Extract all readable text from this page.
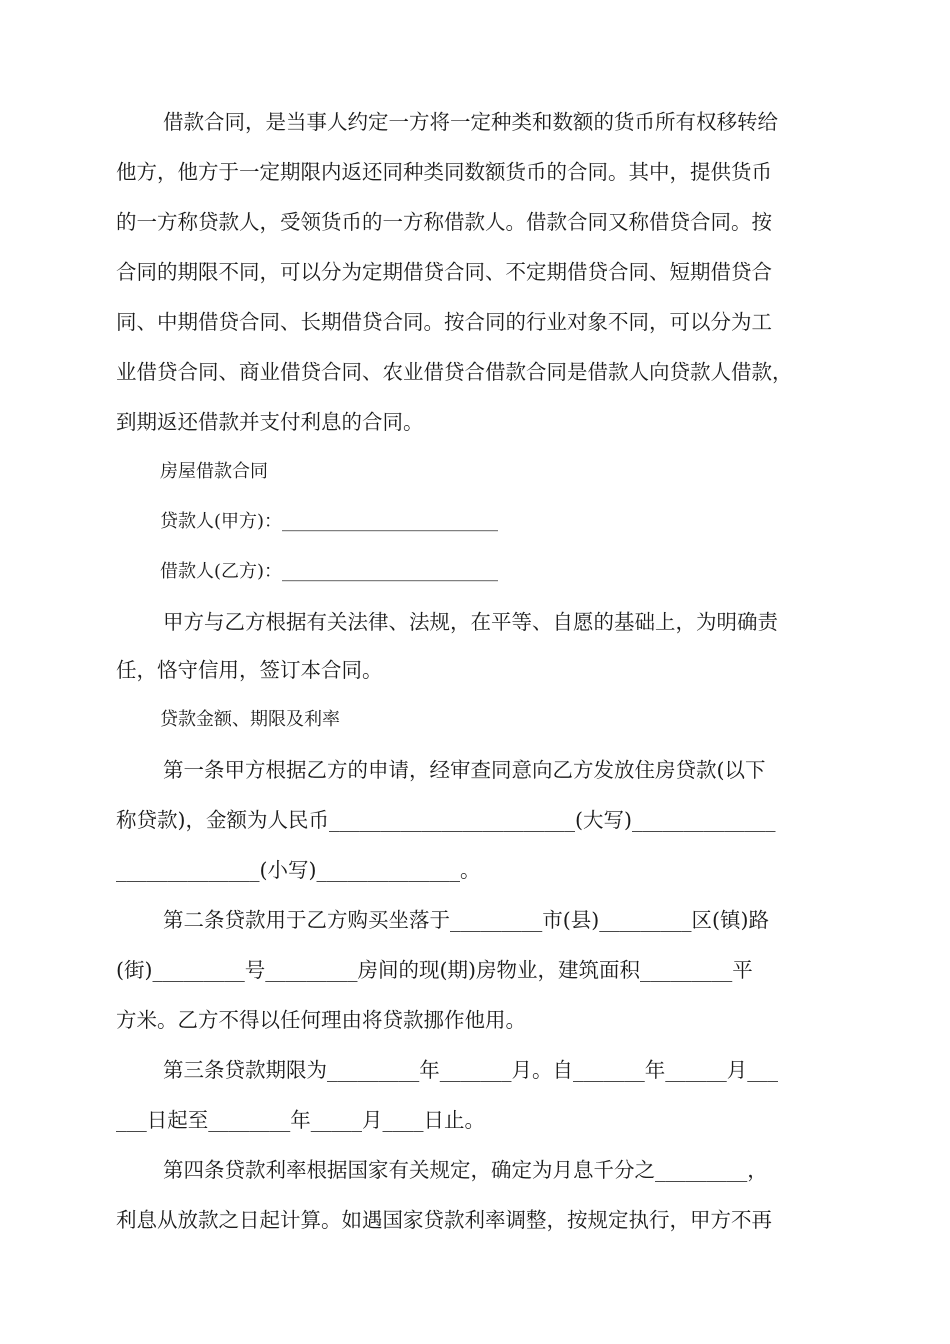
借款合同，是当事人约定一方将一定种类和数额的货币所有权移转给
他方，他方于一定期限内返还同种类同数额货币的合同。其中，提供货币
的一方称贷款人，受领货币的一方称借款人。借款合同又称借贷合同。按
合同的期限不同，可以分为定期借贷合同、不定期借贷合同、短期借贷合
同、中期借贷合同、长期借贷合同。按合同的行业对象不同，可以分为工
业借贷合同、商业借贷合同、农业借贷合借款合同是借款人向贷款人借款，
到期返还借款并支付利息的合同。
房屋借款合同
贷款人(甲方)：________________________
借款人(乙方)：________________________
甲方与乙方根据有关法律、法规，在平等、自愿的基础上，为明确责
任，恪守信用，签订本合同。
贷款金额、期限及利率
第一条甲方根据乙方的申请，经审查同意向乙方发放住房贷款(以下
称贷款)，金额为人民币________________________(大写)______________
______________(小写)______________。
第二条贷款用于乙方购买坐落于_________市(县)_________区(镇)路
(街)_________号_________房间的现(期)房物业，建筑面积_________平
方米。乙方不得以任何理由将贷款挪作他用。
第三条贷款期限为_________年_______月。自_______年______月___
___日起至________年_____月____日止。
第四条贷款利率根据国家有关规定，确定为月息千分之_________，
利息从放款之日起计算。如遇国家贷款利率调整，按规定执行，甲方不再
